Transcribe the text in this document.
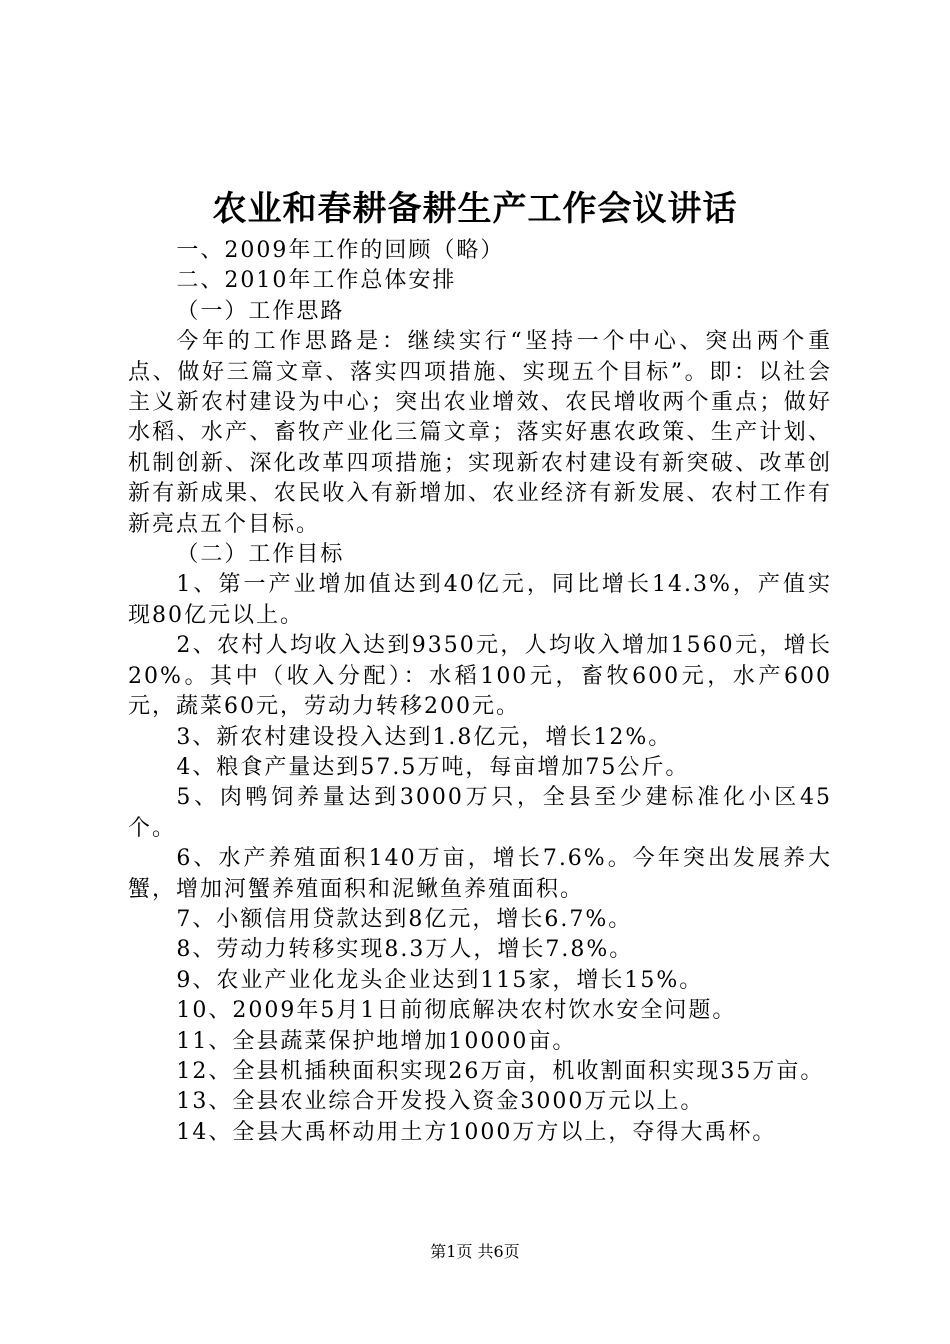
农业和春耕备耕生产工作会议讲话

一、2009年工作的回顾（略）

二、2010年工作总体安排

（一）工作思路

今年的工作思路是：继续实行“坚持一个中心、突出两个重点、做好三篇文章、落实四项措施、实现五个目标”。即：以社会主义新农村建设为中心；突出农业增效、农民增收两个重点；做好水稻、水产、畜牧产业化三篇文章；落实好惠农政策、生产计划、机制创新、深化改革四项措施；实现新农村建设有新突破、改革创新有新成果、农民收入有新增加、农业经济有新发展、农村工作有新亮点五个目标。

（二）工作目标

1、第一产业增加值达到40亿元，同比增长14.3%，产值实现80亿元以上。

2、农村人均收入达到9350元，人均收入增加1560元，增长20%。其中（收入分配）：水稻100元，畜牧600元，水产600元，蔬菜60元，劳动力转移200元。

3、新农村建设投入达到1.8亿元，增长12%。

4、粮食产量达到57.5万吨，每亩增加75公斤。

5、肉鸭饲养量达到3000万只，全县至少建标准化小区45个。

6、水产养殖面积140万亩，增长7.6%。今年突出发展养大蟹，增加河蟹养殖面积和泥鳅鱼养殖面积。

7、小额信用贷款达到8亿元，增长6.7%。

8、劳动力转移实现8.3万人，增长7.8%。

9、农业产业化龙头企业达到115家，增长15%。

10、2009年5月1日前彻底解决农村饮水安全问题。

11、全县蔬菜保护地增加10000亩。

12、全县机插秧面积实现26万亩，机收割面积实现35万亩。

13、全县农业综合开发投入资金3000万元以上。

14、全县大禹杯动用土方1000万方以上，夺得大禹杯。

第1页 共6页
